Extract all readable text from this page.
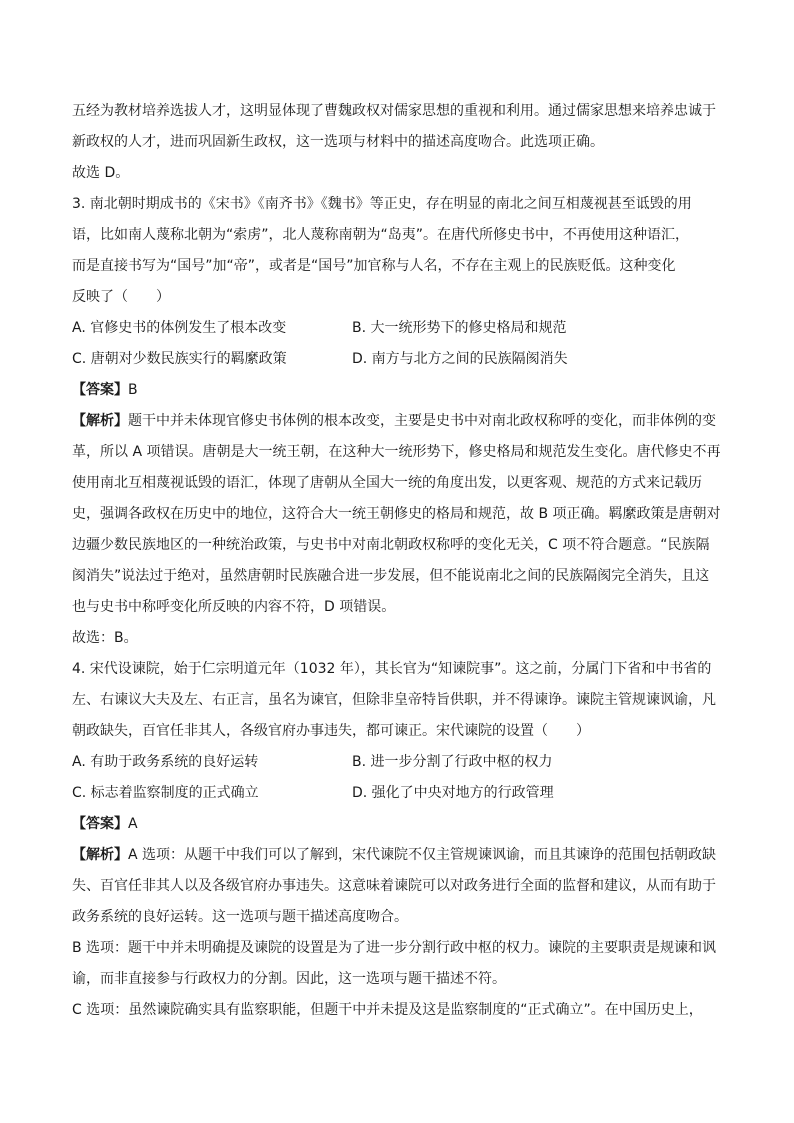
五经为教材培养选拔人才，这明显体现了曹魏政权对儒家思想的重视和利用。通过儒家思想来培养忠诚于

新政权的人才，进而巩固新生政权，这一选项与材料中的描述高度吻合。此选项正确。

故选 D。

3. 南北朝时期成书的《宋书》《南齐书》《魏书》等正史，存在明显的南北之间互相蔑视甚至诋毁的用

语，比如南人蔑称北朝为“索虏”，北人蔑称南朝为“岛夷”。在唐代所修史书中，不再使用这种语汇，

而是直接书写为“国号”加“帝”，或者是“国号”加官称与人名，不存在主观上的民族贬低。这种变化

反映了（　　）

A. 官修史书的体例发生了根本改变	B. 大一统形势下的修史格局和规范
C. 唐朝对少数民族实行的羁縻政策	D. 南方与北方之间的民族隔阂消失

【答案】B

【解析】题干中并未体现官修史书体例的根本改变，主要是史书中对南北政权称呼的变化，而非体例的变

革，所以 A 项错误。唐朝是大一统王朝，在这种大一统形势下，修史格局和规范发生变化。唐代修史不再

使用南北互相蔑视诋毁的语汇，体现了唐朝从全国大一统的角度出发，以更客观、规范的方式来记载历

史，强调各政权在历史中的地位，这符合大一统王朝修史的格局和规范，故 B 项正确。羁縻政策是唐朝对

边疆少数民族地区的一种统治政策，与史书中对南北朝政权称呼的变化无关，C 项不符合题意。“民族隔

阂消失”说法过于绝对，虽然唐朝时民族融合进一步发展，但不能说南北之间的民族隔阂完全消失，且这

也与史书中称呼变化所反映的内容不符，D 项错误。

故选：B。

4. 宋代设谏院，始于仁宗明道元年（1032 年），其长官为“知谏院事”。这之前，分属门下省和中书省的

左、右谏议大夫及左、右正言，虽名为谏官，但除非皇帝特旨供职，并不得谏诤。谏院主管规谏讽谕，凡

朝政缺失，百官任非其人，各级官府办事违失，都可谏正。宋代谏院的设置（　　）

A. 有助于政务系统的良好运转	B. 进一步分割了行政中枢的权力
C. 标志着监察制度的正式确立	D. 强化了中央对地方的行政管理

【答案】A

【解析】A 选项：从题干中我们可以了解到，宋代谏院不仅主管规谏讽谕，而且其谏诤的范围包括朝政缺

失、百官任非其人以及各级官府办事违失。这意味着谏院可以对政务进行全面的监督和建议，从而有助于

政务系统的良好运转。这一选项与题干描述高度吻合。

B 选项：题干中并未明确提及谏院的设置是为了进一步分割行政中枢的权力。谏院的主要职责是规谏和讽

谕，而非直接参与行政权力的分割。因此，这一选项与题干描述不符。

C 选项：虽然谏院确实具有监察职能，但题干中并未提及这是监察制度的“正式确立”。在中国历史上，
